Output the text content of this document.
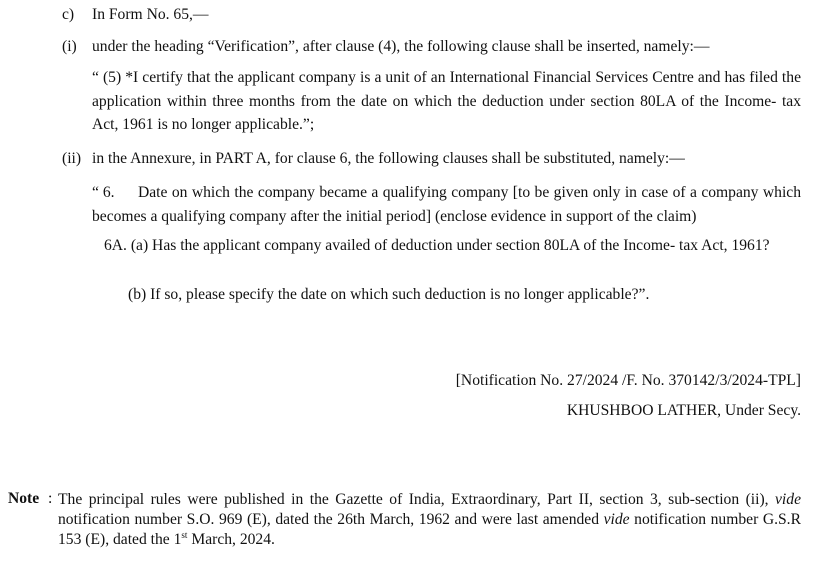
c) In Form No. 65,—
(i) under the heading “Verification”, after clause (4), the following clause shall be inserted, namely:—
“ (5) *I certify that the applicant company is a unit of an International Financial Services Centre and has filed the application within three months from the date on which the deduction under section 80LA of the Income- tax Act, 1961 is no longer applicable.”;
(ii) in the Annexure, in PART A, for clause 6, the following clauses shall be substituted, namely:—
“ 6.	Date on which the company became a qualifying company [to be given only in case of a company which becomes a qualifying company after the initial period] (enclose evidence in support of the claim)
6A. (a) Has the applicant company availed of deduction under section 80LA of the Income- tax Act, 1961?
(b) If so, please specify the date on which such deduction is no longer applicable?”.
[Notification No. 27/2024 /F. No. 370142/3/2024-TPL]
KHUSHBOO LATHER, Under Secy.
Note : The principal rules were published in the Gazette of India, Extraordinary, Part II, section 3, sub-section (ii), vide notification number S.O. 969 (E), dated the 26th March, 1962 and were last amended vide notification number G.S.R 153 (E), dated the 1st March, 2024.
